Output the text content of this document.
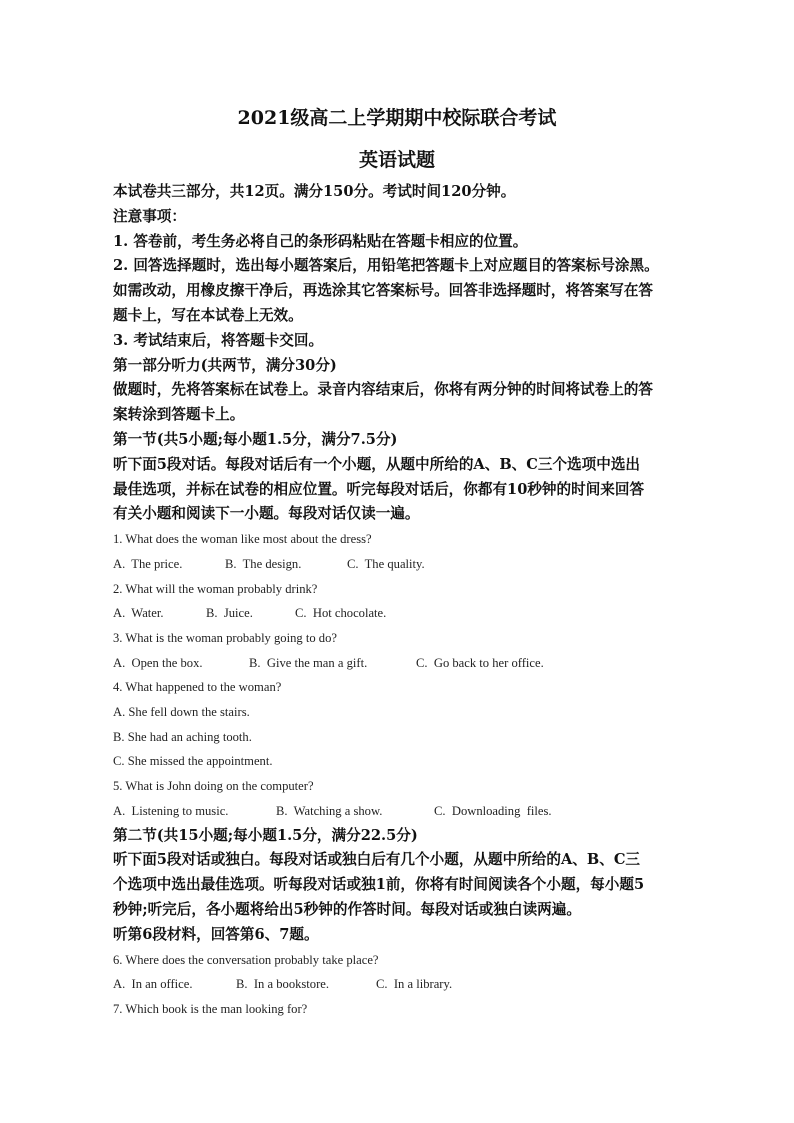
2021级高二上学期期中校际联合考试
英语试题

本试卷共三部分，共12页。满分150分。考试时间120分钟。

注意事项：

1. 答卷前，考生务必将自己的条形码粘贴在答题卡相应的位置。

2. 回答选择题时，选出每小题答案后，用铅笔把答题卡上对应题目的答案标号涂黑。

如需改动，用橡皮擦干净后，再选涂其它答案标号。回答非选择题时，将答案写在答

题卡上，写在本试卷上无效。

3. 考试结束后，将答题卡交回。

第一部分听力(共两节，满分30分)

做题时，先将答案标在试卷上。录音内容结束后，你将有两分钟的时间将试卷上的答

案转涂到答题卡上。

第一节(共5小题;每小题1.5分，满分7.5分)

听下面5段对话。每段对话后有一个小题，从题中所给的A、B、C三个选项中选出

最佳选项，并标在试卷的相应位置。听完每段对话后，你都有10秒钟的时间来回答

有关小题和阅读下一小题。每段对话仅读一遍。

1. What does the woman like most about the dress?

A.  The price.	B.  The design.	C.  The quality.

2. What will the woman probably drink?

A.  Water.	B.  Juice.	C.  Hot chocolate.

3. What is the woman probably going to do?

A.  Open the box.	B.  Give the man a gift.	C.  Go back to her office.

4. What happened to the woman?

A. She fell down the stairs.

B. She had an aching tooth.

C. She missed the appointment.

5. What is John doing on the computer?

A.  Listening to music.	B.  Watching a show.	C.  Downloading  files.

第二节(共15小题;每小题1.5分，满分22.5分)

听下面5段对话或独白。每段对话或独白后有几个小题，从题中所给的A、B、C三

个选项中选出最佳选项。听每段对话或独1前，你将有时间阅读各个小题，每小题5

秒钟;听完后，各小题将给出5秒钟的作答时间。每段对话或独白读两遍。

听第6段材料，回答第6、7题。

6. Where does the conversation probably take place?

A.  In an office.	B.  In a bookstore.	C.  In a library.

7. Which book is the man looking for?
